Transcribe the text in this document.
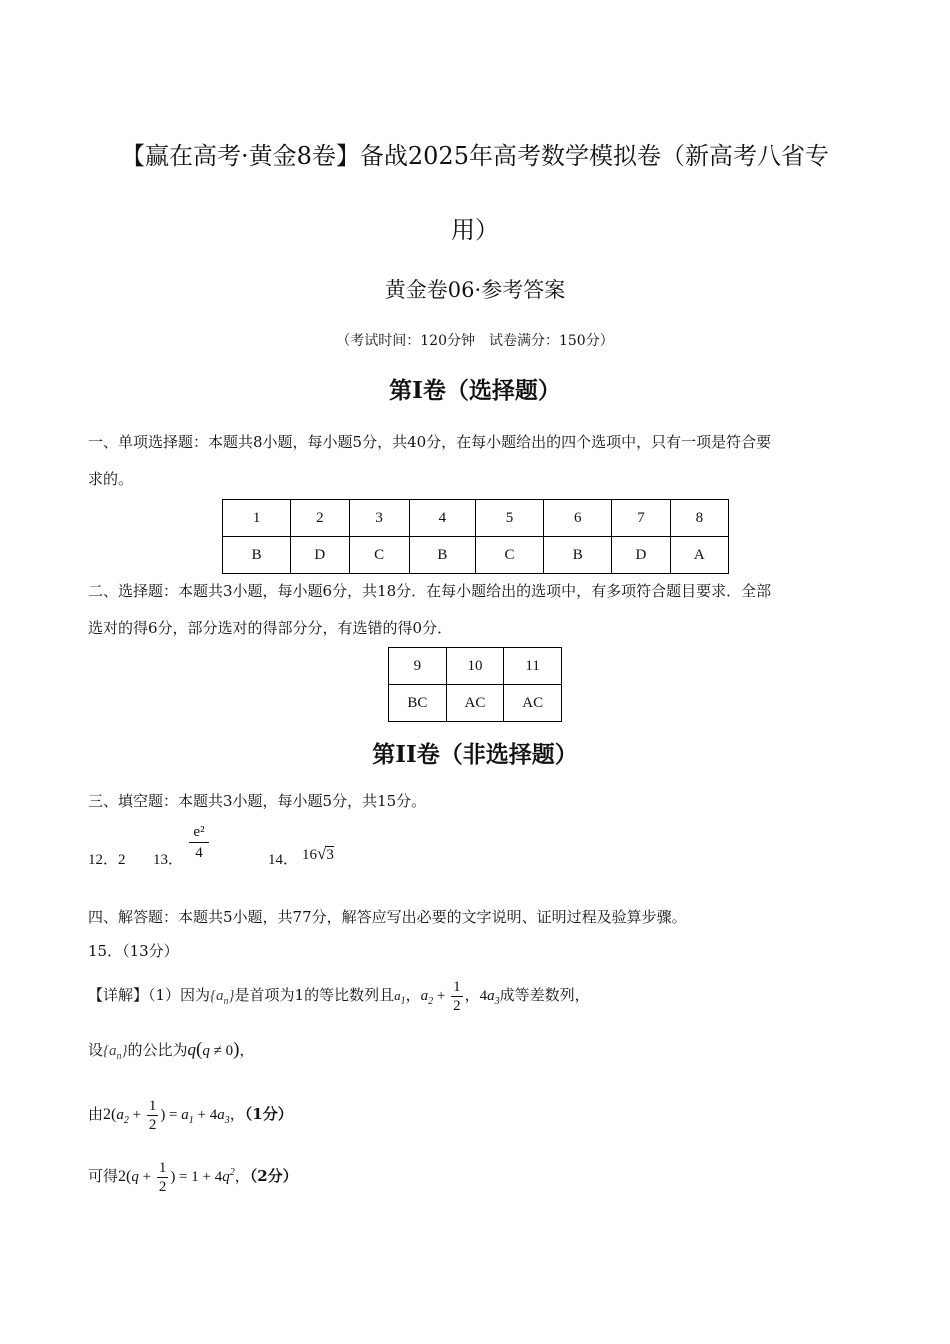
【赢在高考·黄金8卷】备战2025年高考数学模拟卷（新高考八省专
用）
黄金卷06·参考答案
（考试时间：120分钟　试卷满分：150分）
第I卷（选择题）
一、单项选择题：本题共8小题，每小题5分，共40分，在每小题给出的四个选项中，只有一项是符合要
求的。
1	2	3	4	5	6	7	8
B	D	C	B	C	B	D	A
二、选择题：本题共3小题，每小题6分，共18分．在每小题给出的选项中，有多项符合题目要求．全部
选对的得6分，部分选对的得部分分，有选错的得0分．
9	10	11
BC	AC	AC
第II卷（非选择题）
三、填空题：本题共3小题，每小题5分，共15分。
12．2 13．
e²
4	14． 16√3
四、解答题：本题共5小题，共77分，解答应写出必要的文字说明、证明过程及验算步骤。
15．（13分）
【详解】（1）因为$\{a_n\}$是首项为1的等比数列且$a_1$，$a_2 + \frac{1}{2}$ ，$4a_3$成等差数列，
设$\{a_n\}$的公比为q(q ≠ 0)，
由$2(a_2 + \frac{1}{2}$ ) = $a_1 + 4a_3$，（1分）
可得$2(q + \frac{1}{2}$ ) = $1 + 4q^2$，（2分）
